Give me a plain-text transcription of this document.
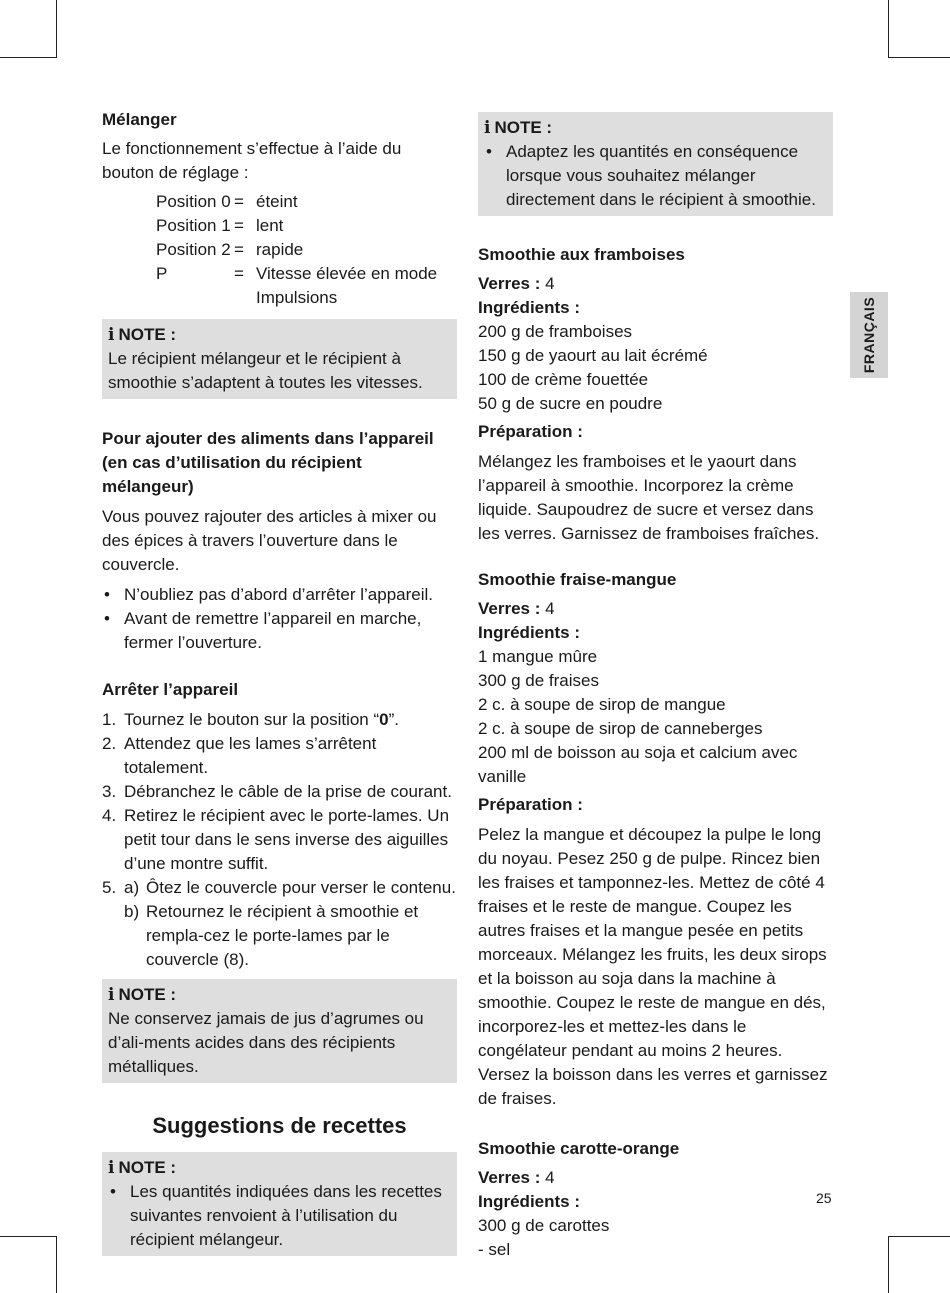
FRANÇAIS
Mélanger

Le fonctionnement s’effectue à l’aide du bouton de réglage :

Position 0 = éteint
Position 1 = lent
Position 2 = rapide
P	= Vitesse élevée en mode Impulsions
i NOTE :
Le récipient mélangeur et le récipient à smoothie s’adaptent à toutes les vitesses.
Pour ajouter des aliments dans l’appareil (en cas d’utilisation du récipient mélangeur)

Vous pouvez rajouter des articles à mixer ou des épices à travers l’ouverture dans le couvercle.

• N’oubliez pas d’abord d’arrêter l’appareil.
• Avant de remettre l’appareil en marche, fermer l’ouverture.
Arrêter l’appareil
1. Tournez le bouton sur la position “0”.
2. Attendez que les lames s’arrêtent totalement.
3. Débranchez le câble de la prise de courant.
4. Retirez le récipient avec le porte-lames. Un petit tour dans le sens inverse des aiguilles d’une montre suffit.
5. a) Ôtez le couvercle pour verser le contenu.
b) Retournez le récipient à smoothie et rempla-cez le porte-lames par le couvercle (8).
i NOTE :
Ne conservez jamais de jus d’agrumes ou d’ali-ments acides dans des récipients métalliques.
Suggestions de recettes
i NOTE :
• Les quantités indiquées dans les recettes suivantes renvoient à l’utilisation du récipient mélangeur.
i NOTE :
• Adaptez les quantités en conséquence lorsque vous souhaitez mélanger directement dans le récipient à smoothie.
Smoothie aux framboises
Verres : 4
Ingrédients :
200 g de framboises
150 g de yaourt au lait écrémé
100 de crème fouettée
50 g de sucre en poudre
Préparation :

Mélangez les framboises et le yaourt dans l’appareil à smoothie. Incorporez la crème liquide. Saupoudrez de sucre et versez dans les verres. Garnissez de framboises fraîches.

Smoothie fraise-mangue
Verres : 4
Ingrédients :
1 mangue mûre
300 g de fraises
2 c. à soupe de sirop de mangue
2 c. à soupe de sirop de canneberges
200 ml de boisson au soja et calcium avec vanille
Préparation :

Pelez la mangue et découpez la pulpe le long du noyau. Pesez 250 g de pulpe. Rincez bien les fraises et tamponnez-les. Mettez de côté 4 fraises et le reste de mangue. Coupez les autres fraises et la mangue pesée en petits morceaux. Mélangez les fruits, les deux sirops et la boisson au soja dans la machine à smoothie. Coupez le reste de mangue en dés, incorporez-les et mettez-les dans le congélateur pendant au moins 2 heures. Versez la boisson dans les verres et garnissez de fraises.

Smoothie carotte-orange
Verres : 4
Ingrédients :
300 g de carottes
- sel
25
